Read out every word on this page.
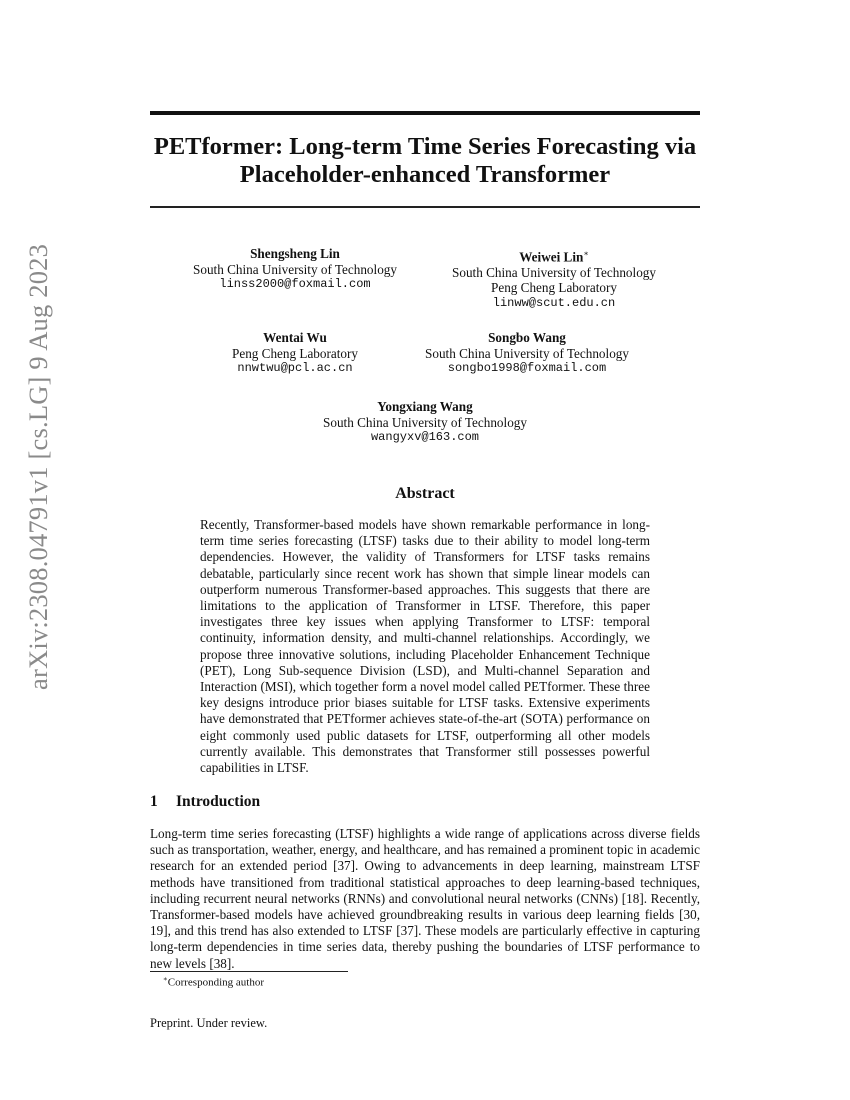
arXiv:2308.04791v1 [cs.LG] 9 Aug 2023
PETformer: Long-term Time Series Forecasting via
Placeholder-enhanced Transformer
Shengsheng Lin
South China University of Technology
linss2000@foxmail.com
Weiwei Lin∗
South China University of Technology
Peng Cheng Laboratory
linww@scut.edu.cn
Wentai Wu
Peng Cheng Laboratory
nnwtwu@pcl.ac.cn
Songbo Wang
South China University of Technology
songbo1998@foxmail.com
Yongxiang Wang
South China University of Technology
wangyxv@163.com
Abstract

Recently, Transformer-based models have shown remarkable performance in long-term time series forecasting (LTSF) tasks due to their ability to model long-term dependencies. However, the validity of Transformers for LTSF tasks remains debatable, particularly since recent work has shown that simple linear models can outperform numerous Transformer-based approaches. This suggests that there are limitations to the application of Transformer in LTSF. Therefore, this paper investigates three key issues when applying Transformer to LTSF: temporal continuity, information density, and multi-channel relationships. Accordingly, we propose three innovative solutions, including Placeholder Enhancement Technique (PET), Long Sub-sequence Division (LSD), and Multi-channel Separation and Interaction (MSI), which together form a novel model called PETformer. These three key designs introduce prior biases suitable for LTSF tasks. Extensive experiments have demonstrated that PETformer achieves state-of-the-art (SOTA) performance on eight commonly used public datasets for LTSF, outperforming all other models currently available. This demonstrates that Transformer still possesses powerful capabilities in LTSF.

1 Introduction

Long-term time series forecasting (LTSF) highlights a wide range of applications across diverse fields such as transportation, weather, energy, and healthcare, and has remained a prominent topic in academic research for an extended period [37]. Owing to advancements in deep learning, mainstream LTSF methods have transitioned from traditional statistical approaches to deep learning-based techniques, including recurrent neural networks (RNNs) and convolutional neural networks (CNNs) [18]. Recently, Transformer-based models have achieved groundbreaking results in various deep learning fields [30, 19], and this trend has also extended to LTSF [37]. These models are particularly effective in capturing long-term dependencies in time series data, thereby pushing the boundaries of LTSF performance to new levels [38].

∗Corresponding author
Preprint. Under review.
